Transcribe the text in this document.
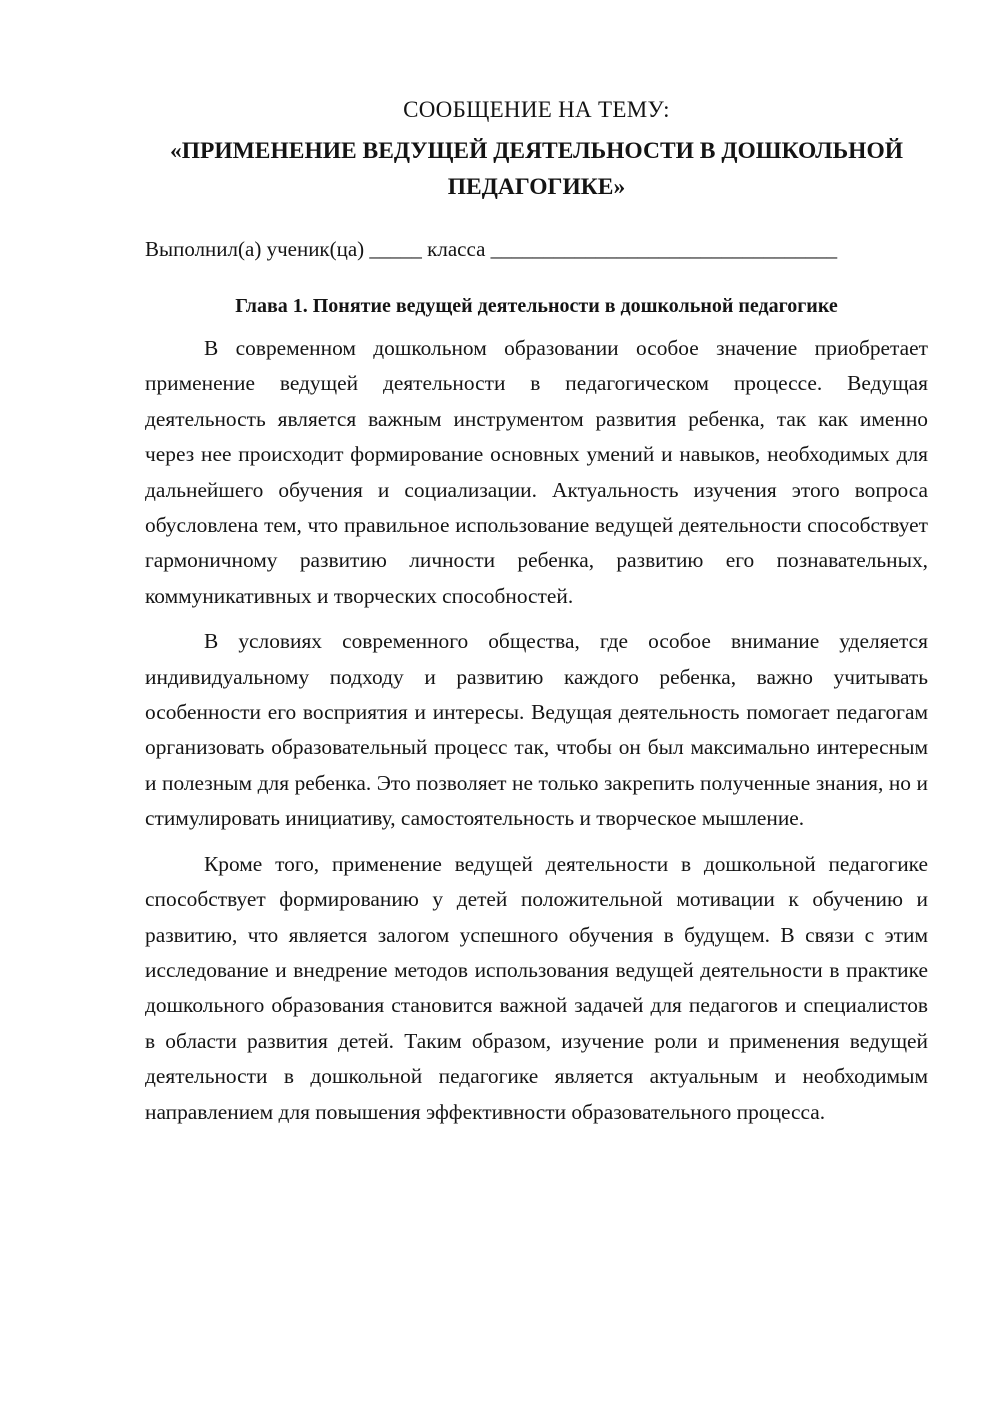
СООБЩЕНИЕ НА ТЕМУ:

«ПРИМЕНЕНИЕ ВЕДУЩЕЙ ДЕЯТЕЛЬНОСТИ В ДОШКОЛЬНОЙ
ПЕДАГОГИКЕ»

Выполнил(а) ученик(ца) _____ класса _________________________________

Глава 1. Понятие ведущей деятельности в дошкольной педагогике

В современном дошкольном образовании особое значение приобретает применение ведущей деятельности в педагогическом процессе. Ведущая деятельность является важным инструментом развития ребенка, так как именно через нее происходит формирование основных умений и навыков, необходимых для дальнейшего обучения и социализации. Актуальность изучения этого вопроса обусловлена тем, что правильное использование ведущей деятельности способствует гармоничному развитию личности ребенка, развитию его познавательных, коммуникативных и творческих способностей.

В условиях современного общества, где особое внимание уделяется индивидуальному подходу и развитию каждого ребенка, важно учитывать особенности его восприятия и интересы. Ведущая деятельность помогает педагогам организовать образовательный процесс так, чтобы он был максимально интересным и полезным для ребенка. Это позволяет не только закрепить полученные знания, но и стимулировать инициативу, самостоятельность и творческое мышление.

Кроме того, применение ведущей деятельности в дошкольной педагогике способствует формированию у детей положительной мотивации к обучению и развитию, что является залогом успешного обучения в будущем. В связи с этим исследование и внедрение методов использования ведущей деятельности в практике дошкольного образования становится важной задачей для педагогов и специалистов в области развития детей. Таким образом, изучение роли и применения ведущей деятельности в дошкольной педагогике является актуальным и необходимым направлением для повышения эффективности образовательного процесса.
